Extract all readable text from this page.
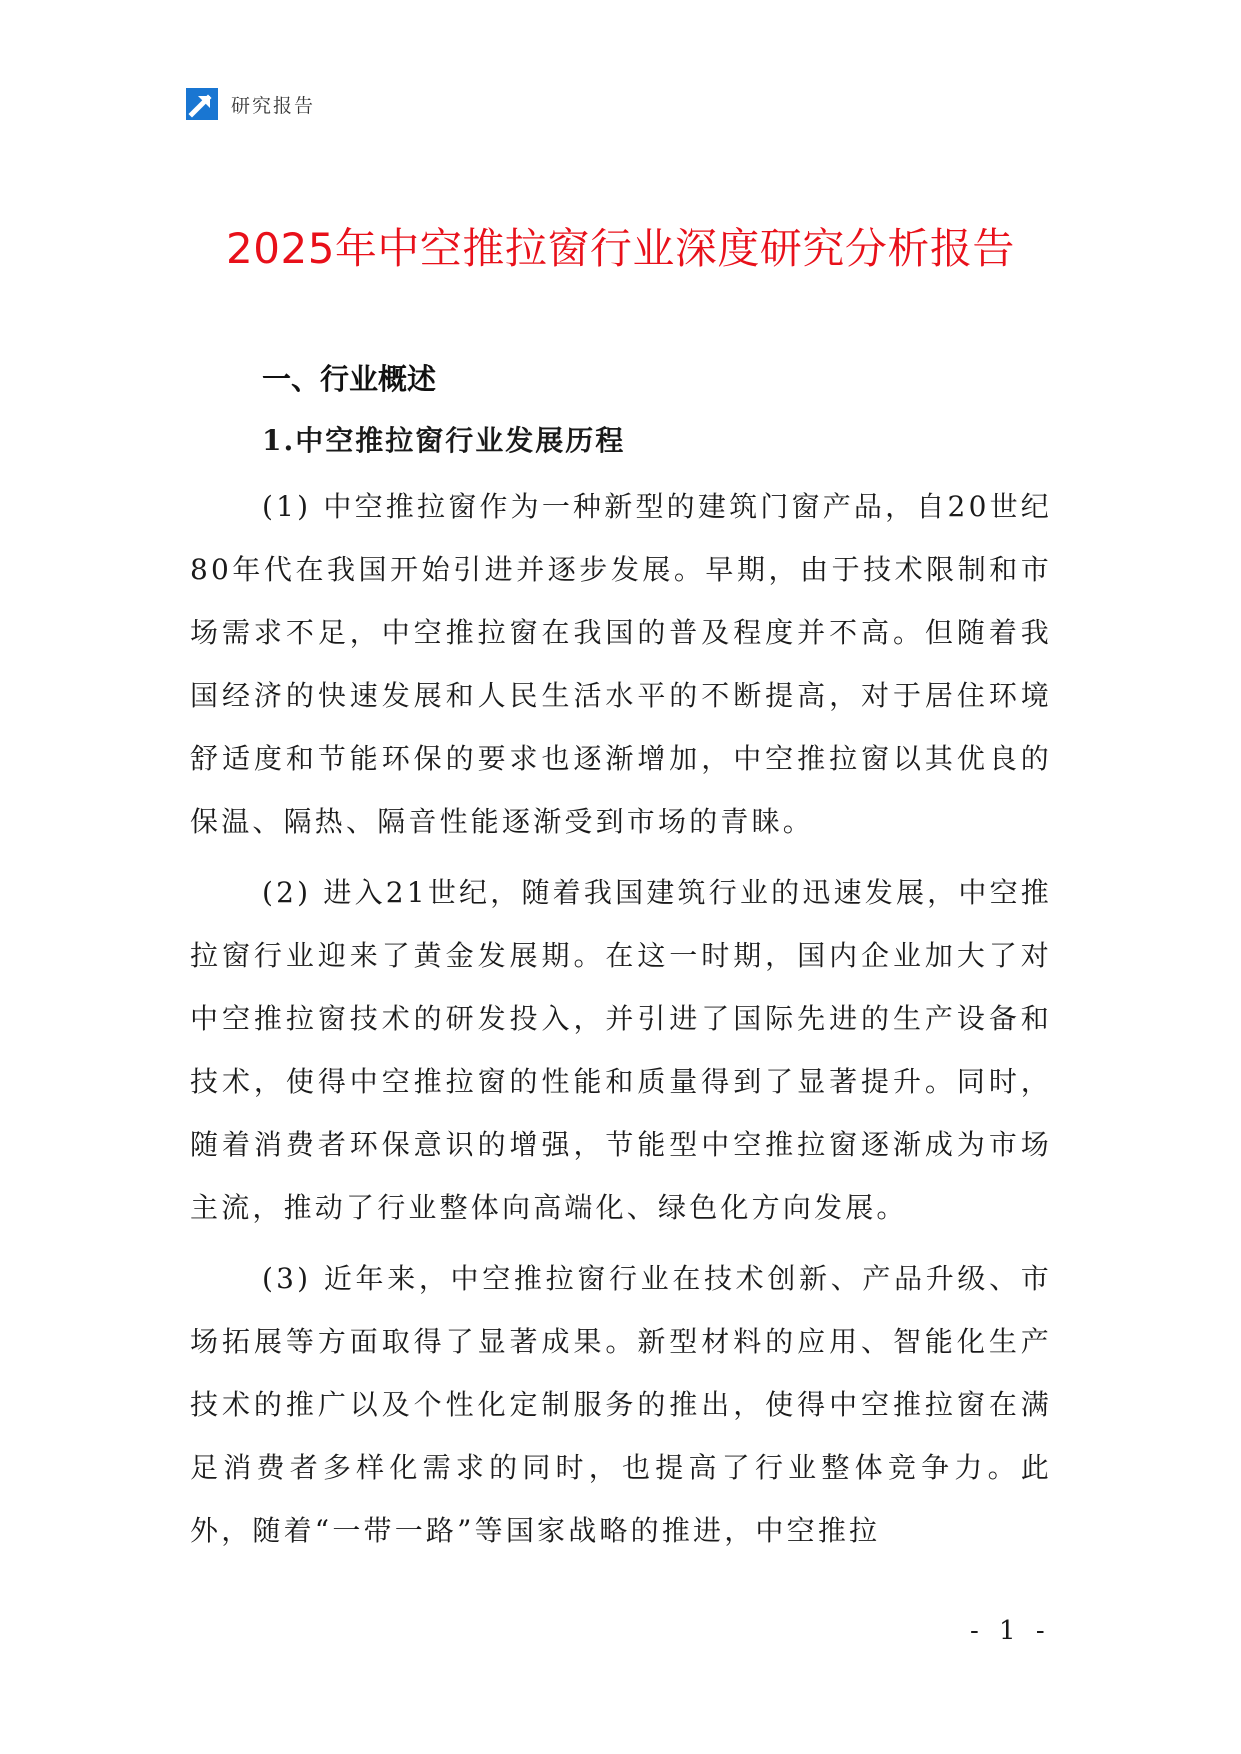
研究报告
2025年中空推拉窗行业深度研究分析报告
一、行业概述
1.中空推拉窗行业发展历程

(1) 中空推拉窗作为一种新型的建筑门窗产品，自20世纪80年代在我国开始引进并逐步发展。早期，由于技术限制和市场需求不足，中空推拉窗在我国的普及程度并不高。但随着我国经济的快速发展和人民生活水平的不断提高，对于居住环境舒适度和节能环保的要求也逐渐增加，中空推拉窗以其优良的保温、隔热、隔音性能逐渐受到市场的青睐。

(2) 进入21世纪，随着我国建筑行业的迅速发展，中空推拉窗行业迎来了黄金发展期。在这一时期，国内企业加大了对中空推拉窗技术的研发投入，并引进了国际先进的生产设备和技术，使得中空推拉窗的性能和质量得到了显著提升。同时，随着消费者环保意识的增强，节能型中空推拉窗逐渐成为市场主流，推动了行业整体向高端化、绿色化方向发展。

(3) 近年来，中空推拉窗行业在技术创新、产品升级、市场拓展等方面取得了显著成果。新型材料的应用、智能化生产技术的推广以及个性化定制服务的推出，使得中空推拉窗在满足消费者多样化需求的同时，也提高了行业整体竞争力。此外，随着“一带一路”等国家战略的推进，中空推拉

- 1 -
